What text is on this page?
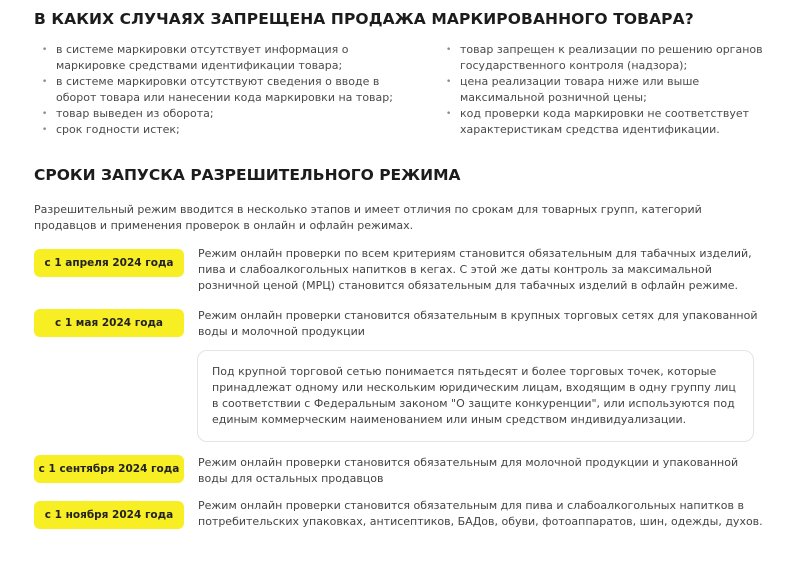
В КАКИХ СЛУЧАЯХ ЗАПРЕЩЕНА ПРОДАЖА МАРКИРОВАННОГО ТОВАРА?
• в системе маркировки отсутствует информация о маркировке средствами идентификации товара;
• в системе маркировки отсутствуют сведения о вводе в оборот товара или нанесении кода маркировки на товар;
• товар выведен из оборота;
• срок годности истек;
• товар запрещен к реализации по решению органов государственного контроля (надзора);
• цена реализации товара ниже или выше максимальной розничной цены;
• код проверки кода маркировки не соответствует характеристикам средства идентификации.
СРОКИ ЗАПУСКА РАЗРЕШИТЕЛЬНОГО РЕЖИМА
Разрешительный режим вводится в несколько этапов и имеет отличия по срокам для товарных групп, категорий продавцов и применения проверок в онлайн и офлайн режимах.
с 1 апреля 2024 года
Режим онлайн проверки по всем критериям становится обязательным для табачных изделий, пива и слабоалкогольных напитков в кегах. С этой же даты контроль за максимальной розничной ценой (МРЦ) становится обязательным для табачных изделий в офлайн режиме.
с 1 мая 2024 года
Режим онлайн проверки становится обязательным в крупных торговых сетях для упакованной воды и молочной продукции
Под крупной торговой сетью понимается пятьдесят и более торговых точек, которые принадлежат одному или нескольким юридическим лицам, входящим в одну группу лиц в соответствии с Федеральным законом "О защите конкуренции", или используются под единым коммерческим наименованием или иным средством индивидуализации.
с 1 сентября 2024 года	Режим онлайн проверки становится обязательным для молочной продукции и упакованной воды для остальных продавцов
с 1 ноября 2024 года
Режим онлайн проверки становится обязательным для пива и слабоалкогольных напитков в потребительских упаковках, антисептиков, БАДов, обуви, фотоаппаратов, шин, одежды, духов.
